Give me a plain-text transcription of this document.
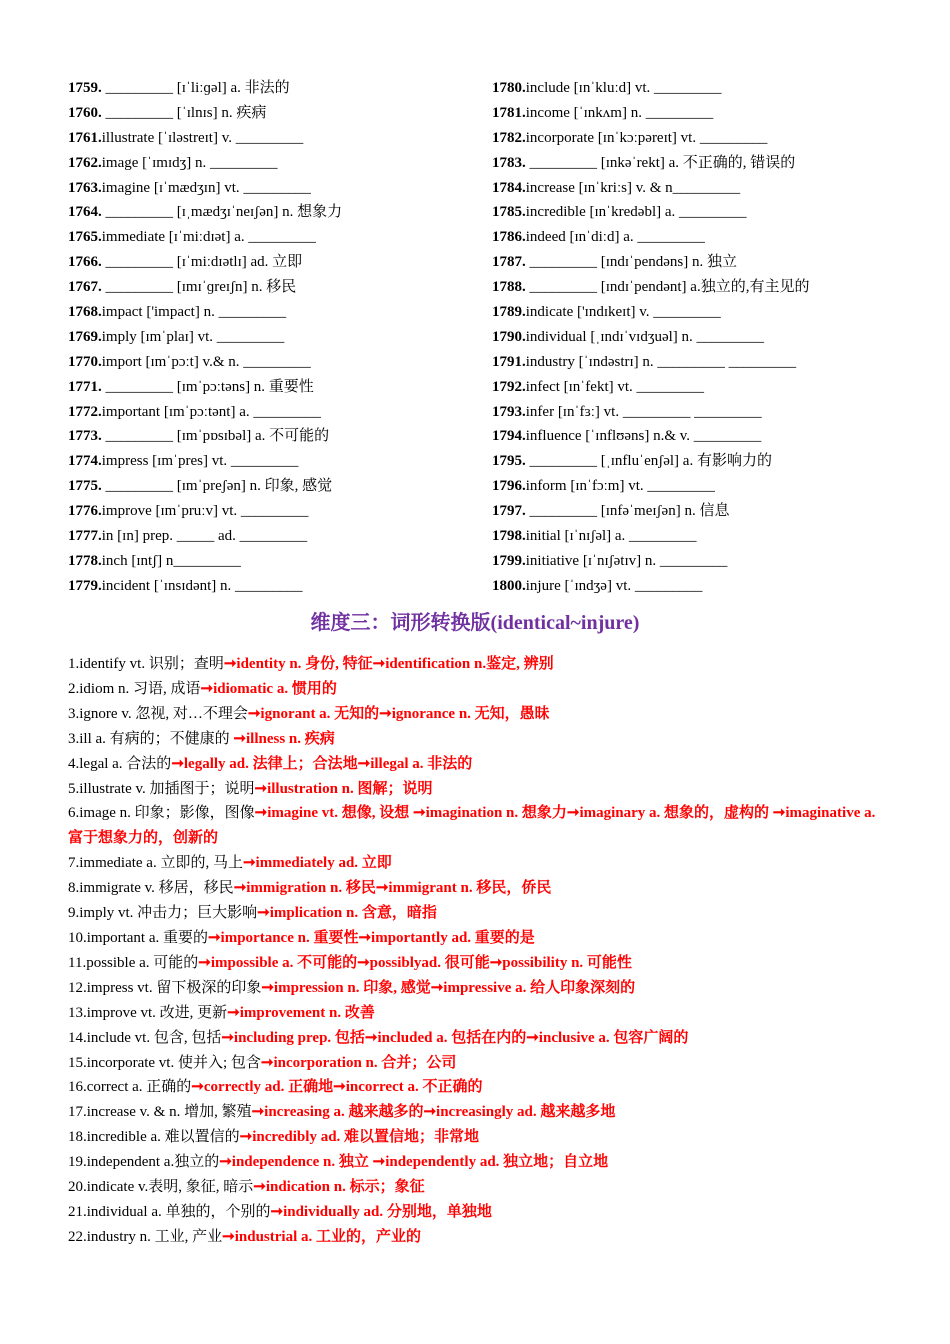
1759. _________ [ɪˈliːɡəl] a. 非法的
1760. _________ [ˈɪlnɪs] n. 疾病
1761.illustrate [ˈɪləstreɪt] v. _________
1762.image [ˈɪmɪdʒ] n. _________
1763.imagine [ɪˈmædʒɪn] vt. _________
1764. _________ [ɪˌmædʒɪˈneɪʃən] n. 想象力
1765.immediate [ɪˈmiːdɪət] a. _________
1766. _________ [ɪˈmiːdɪətlɪ] ad. 立即
1767. _________ [ɪmɪˈɡreɪʃn] n. 移民
1768.impact ['impact] n. _________
1769.imply [ɪmˈplaɪ] vt. _________
1770.import [ɪmˈpɔːt] v.& n. _________
1771. _________ [ɪmˈpɔːtəns] n. 重要性
1772.important [ɪmˈpɔːtənt] a. _________
1773. _________ [ɪmˈpɒsɪbəl] a. 不可能的
1774.impress [ɪmˈpres] vt. _________
1775. _________ [ɪmˈpreʃən] n. 印象, 感觉
1776.improve [ɪmˈpruːv] vt. _________
1777.in [ɪn] prep. _____ ad. _________
1778.inch [ɪntʃ] n_________
1779.incident [ˈɪnsɪdənt] n. _________
1780.include [ɪnˈkluːd] vt. _________
1781.income [ˈɪnkʌm] n. _________
1782.incorporate [ɪnˈkɔːpəreɪt] vt. _________
1783. _________ [ɪnkəˈrekt] a. 不正确的, 错误的
1784.increase [ɪnˈkriːs] v. & n_________
1785.incredible [ɪnˈkredəbl] a. _________
1786.indeed [ɪnˈdiːd] a. _________
1787. _________ [ɪndɪˈpendəns] n. 独立
1788. _________ [ɪndɪˈpendənt] a.独立的,有主见的
1789.indicate ['ɪndɪkeɪt] v. _________
1790.individual [ˌɪndɪˈvɪdʒuəl] n. _________
1791.industry [ˈɪndəstrɪ] n. _________ _________
1792.infect [ɪnˈfekt] vt. _________
1793.infer [ɪnˈfɜː] vt. _________ _________
1794.influence [ˈɪnflʊəns] n.& v. _________
1795. _________ [ˌɪnfluˈenʃəl] a. 有影响力的
1796.inform [ɪnˈfɔːm] vt. _________
1797. _________ [ɪnfəˈmeɪʃən] n. 信息
1798.initial [ɪˈnɪʃəl] a. _________
1799.initiative [ɪˈnɪʃətɪv] n. _________
1800.injure [ˈɪndʒə] vt. _________
维度三：词形转换版(identical~injure)
1.identify vt. 识别；查明➞identity n. 身份, 特征➞identification n.鉴定, 辨别
2.idiom n. 习语, 成语➞idiomatic a. 惯用的
3.ignore v. 忽视, 对…不理会➞ignorant a. 无知的➞ignorance n. 无知，愚昧
3.ill a. 有病的；不健康的 ➞illness n. 疾病
4.legal a. 合法的➞legally ad. 法律上；合法地➞illegal a. 非法的
5.illustrate v. 加插图于；说明➞illustration n. 图解；说明
6.image n. 印象；影像，图像➞imagine vt. 想像, 设想 ➞imagination n. 想象力➞imaginary a. 想象的，虚构的 ➞imaginative a. 富于想象力的，创新的
7.immediate a. 立即的, 马上➞immediately ad. 立即
8.immigrate v. 移居，移民➞immigration n. 移民➞immigrant n. 移民，侨民
9.imply vt. 冲击力；巨大影响➞implication n. 含意，暗指
10.important a. 重要的➞importance n. 重要性➞importantly ad. 重要的是
11.possible a. 可能的➞impossible a. 不可能的➞possiblyad. 很可能➞possibility n. 可能性
12.impress vt. 留下极深的印象➞impression n. 印象, 感觉➞impressive a. 给人印象深刻的
13.improve vt. 改进, 更新➞improvement n. 改善
14.include vt. 包含, 包括➞including prep. 包括➞included a. 包括在内的➞inclusive a. 包容广阔的
15.incorporate vt. 使并入; 包含➞incorporation n. 合并；公司
16.correct a. 正确的➞correctly ad. 正确地➞incorrect a. 不正确的
17.increase v. & n. 增加, 繁殖➞increasing a. 越来越多的➞increasingly ad. 越来越多地
18.incredible a. 难以置信的➞incredibly ad. 难以置信地；非常地
19.independent a.独立的➞independence n. 独立 ➞independently ad. 独立地；自立地
20.indicate v.表明, 象征, 暗示➞indication n. 标示；象征
21.individual a. 单独的，个别的➞individually ad. 分别地，单独地
22.industry n. 工业, 产业➞industrial a. 工业的，产业的
